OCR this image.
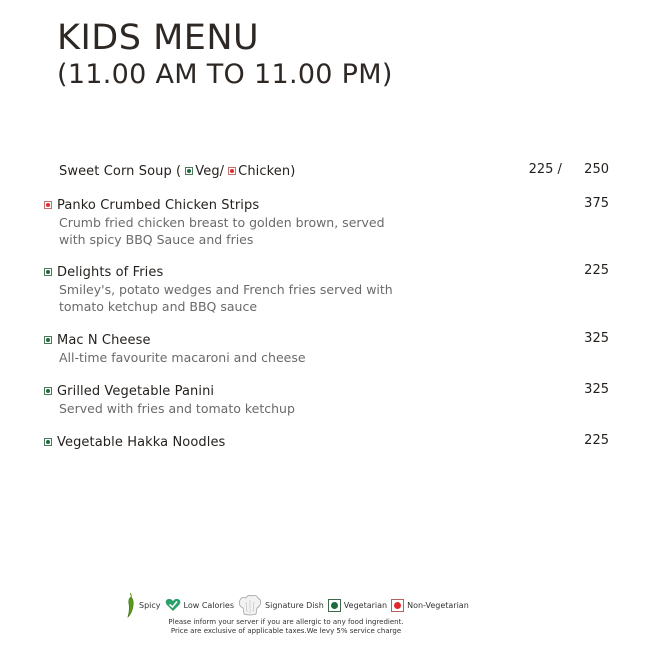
KIDS MENU
(11.00 AM TO 11.00 PM)
Sweet Corn Soup ( Veg/ Chicken)	225 / 250
Panko Crumbed Chicken Strips
Crumb fried chicken breast to golden brown, served
with spicy BBQ Sauce and fries
375
Delights of Fries
Smiley's, potato wedges and French fries served with
tomato ketchup and BBQ sauce
225
Mac N Cheese
All-time favourite macaroni and cheese
325
Grilled Vegetable Panini
Served with fries and tomato ketchup
325
Vegetable Hakka Noodles	225
Spicy	Low Calories	Signature Dish	Vegetarian	Non-Vegetarian
Please inform your server if you are allergic to any food ingredient.
Price are exclusive of applicable taxes.We levy 5% service charge
